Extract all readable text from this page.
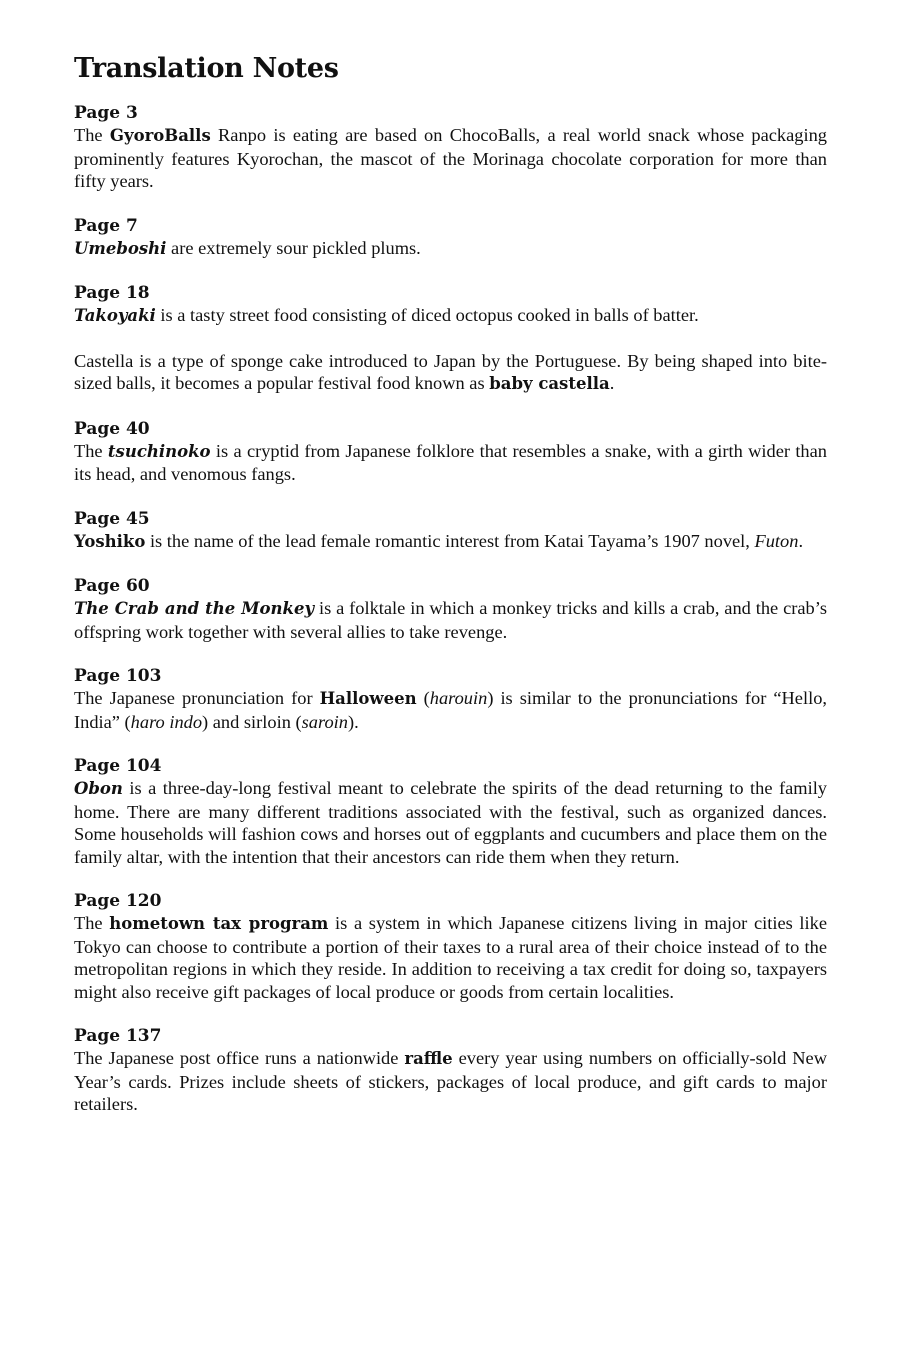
Translation Notes
Page 3

The GyoroBalls Ranpo is eating are based on ChocoBalls, a real world snack whose packaging prominently features Kyorochan, the mascot of the Morinaga chocolate corporation for more than fifty years.

Page 7

Umeboshi are extremely sour pickled plums.

Page 18

Takoyaki is a tasty street food consisting of diced octopus cooked in balls of batter.

Castella is a type of sponge cake introduced to Japan by the Portuguese. By being shaped into bite-sized balls, it becomes a popular festival food known as baby castella.

Page 40

The tsuchinoko is a cryptid from Japanese folklore that resembles a snake, with a girth wider than its head, and venomous fangs.

Page 45

Yoshiko is the name of the lead female romantic interest from Katai Tayama’s 1907 novel, Futon.

Page 60

The Crab and the Monkey is a folktale in which a monkey tricks and kills a crab, and the crab’s offspring work together with several allies to take revenge.

Page 103

The Japanese pronunciation for Halloween (harouin) is similar to the pronunciations for “Hello, India” (haro indo) and sirloin (saroin).

Page 104

Obon is a three-day-long festival meant to celebrate the spirits of the dead returning to the family home. There are many different traditions associated with the festival, such as organized dances. Some households will fashion cows and horses out of eggplants and cucumbers and place them on the family altar, with the intention that their ancestors can ride them when they return.

Page 120

The hometown tax program is a system in which Japanese citizens living in major cities like Tokyo can choose to contribute a portion of their taxes to a rural area of their choice instead of to the metropolitan regions in which they reside. In addition to receiving a tax credit for doing so, taxpayers might also receive gift packages of local produce or goods from certain localities.

Page 137

The Japanese post office runs a nationwide raffle every year using numbers on officially-sold New Year’s cards. Prizes include sheets of stickers, packages of local produce, and gift cards to major retailers.
